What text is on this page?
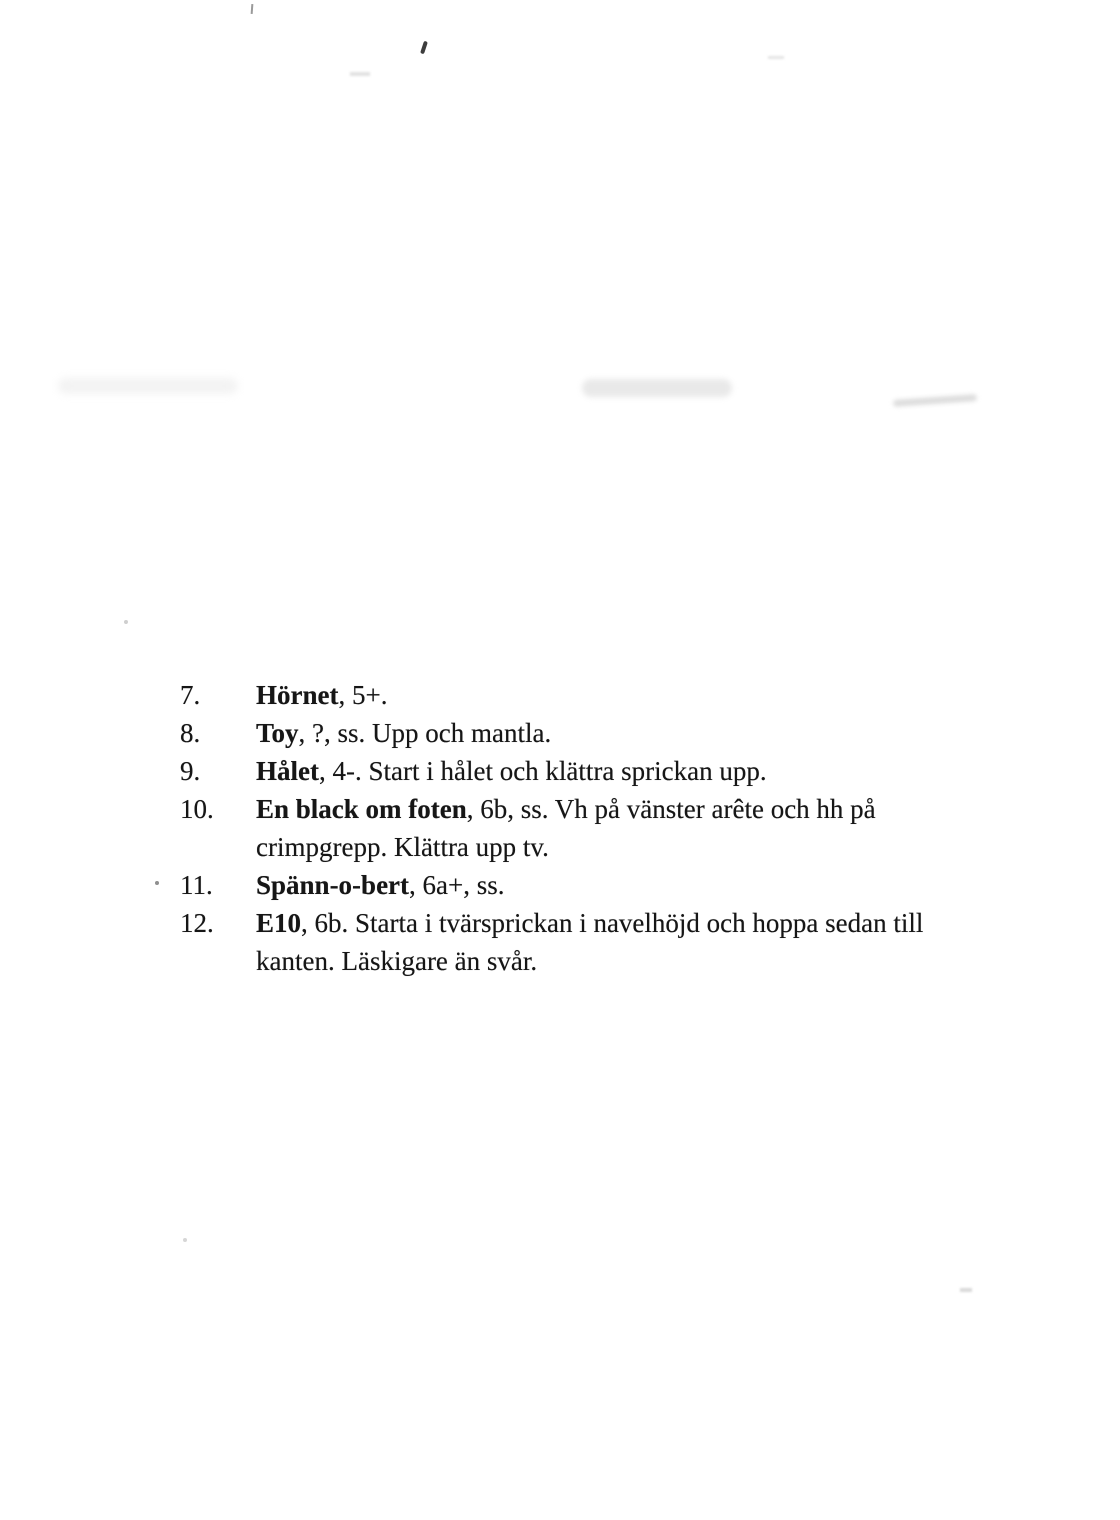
7.	Hörnet, 5+.
8.	Toy, ?, ss. Upp och mantla.
9.	Hålet, 4-. Start i hålet och klättra sprickan upp.
10.	En black om foten, 6b, ss. Vh på vänster arête och hh på crimpgrepp. Klättra upp tv.
11.	Spänn-o-bert, 6a+, ss.
12.	E10, 6b. Starta i tvärsprickan i navelhöjd och hoppa sedan till kanten. Läskigare än svår.
